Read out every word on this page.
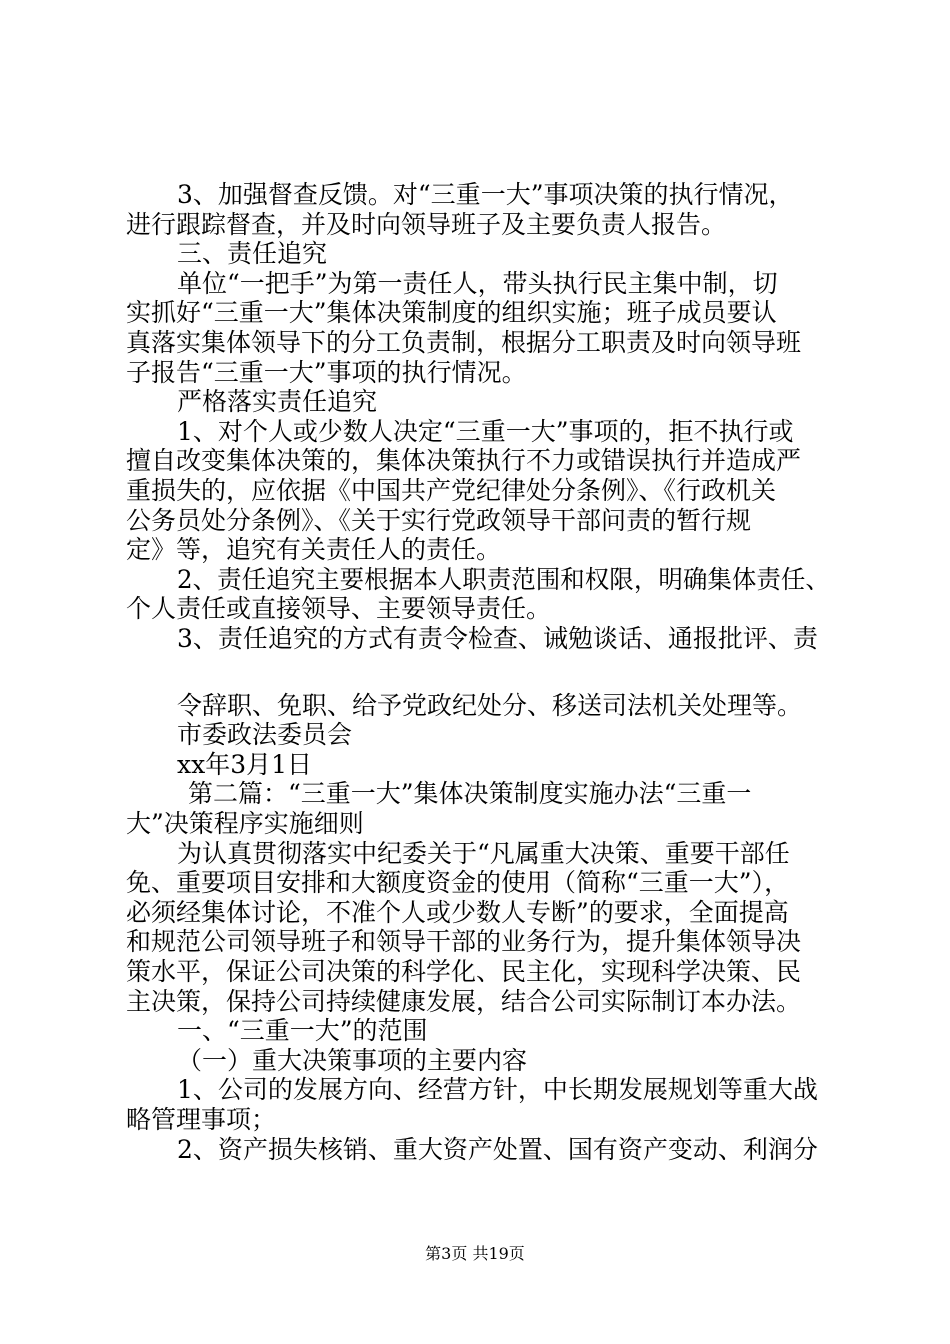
3、加强督查反馈。对“三重一大”事项决策的执行情况，
进行跟踪督查，并及时向领导班子及主要负责人报告。
三、责任追究
单位“一把手”为第一责任人，带头执行民主集中制，切
实抓好“三重一大”集体决策制度的组织实施；班子成员要认
真落实集体领导下的分工负责制，根据分工职责及时向领导班
子报告“三重一大”事项的执行情况。
严格落实责任追究
1、对个人或少数人决定“三重一大”事项的，拒不执行或
擅自改变集体决策的，集体决策执行不力或错误执行并造成严
重损失的，应依据《中国共产党纪律处分条例》、《行政机关
公务员处分条例》、《关于实行党政领导干部问责的暂行规
定》等，追究有关责任人的责任。
2、责任追究主要根据本人职责范围和权限，明确集体责任、
个人责任或直接领导、主要领导责任。
3、责任追究的方式有责令检查、诫勉谈话、通报批评、责
令辞职、免职、给予党政纪处分、移送司法机关处理等。
市委政法委员会
xx年3月1日
第二篇：“三重一大”集体决策制度实施办法“三重一
大”决策程序实施细则
为认真贯彻落实中纪委关于“凡属重大决策、重要干部任
免、重要项目安排和大额度资金的使用（简称“三重一大”），
必须经集体讨论，不准个人或少数人专断”的要求，全面提高
和规范公司领导班子和领导干部的业务行为，提升集体领导决
策水平，保证公司决策的科学化、民主化，实现科学决策、民
主决策，保持公司持续健康发展，结合公司实际制订本办法。
一、“三重一大”的范围
（一）重大决策事项的主要内容
1、公司的发展方向、经营方针，中长期发展规划等重大战
略管理事项；
2、资产损失核销、重大资产处置、国有资产变动、利润分
第3页 共19页
